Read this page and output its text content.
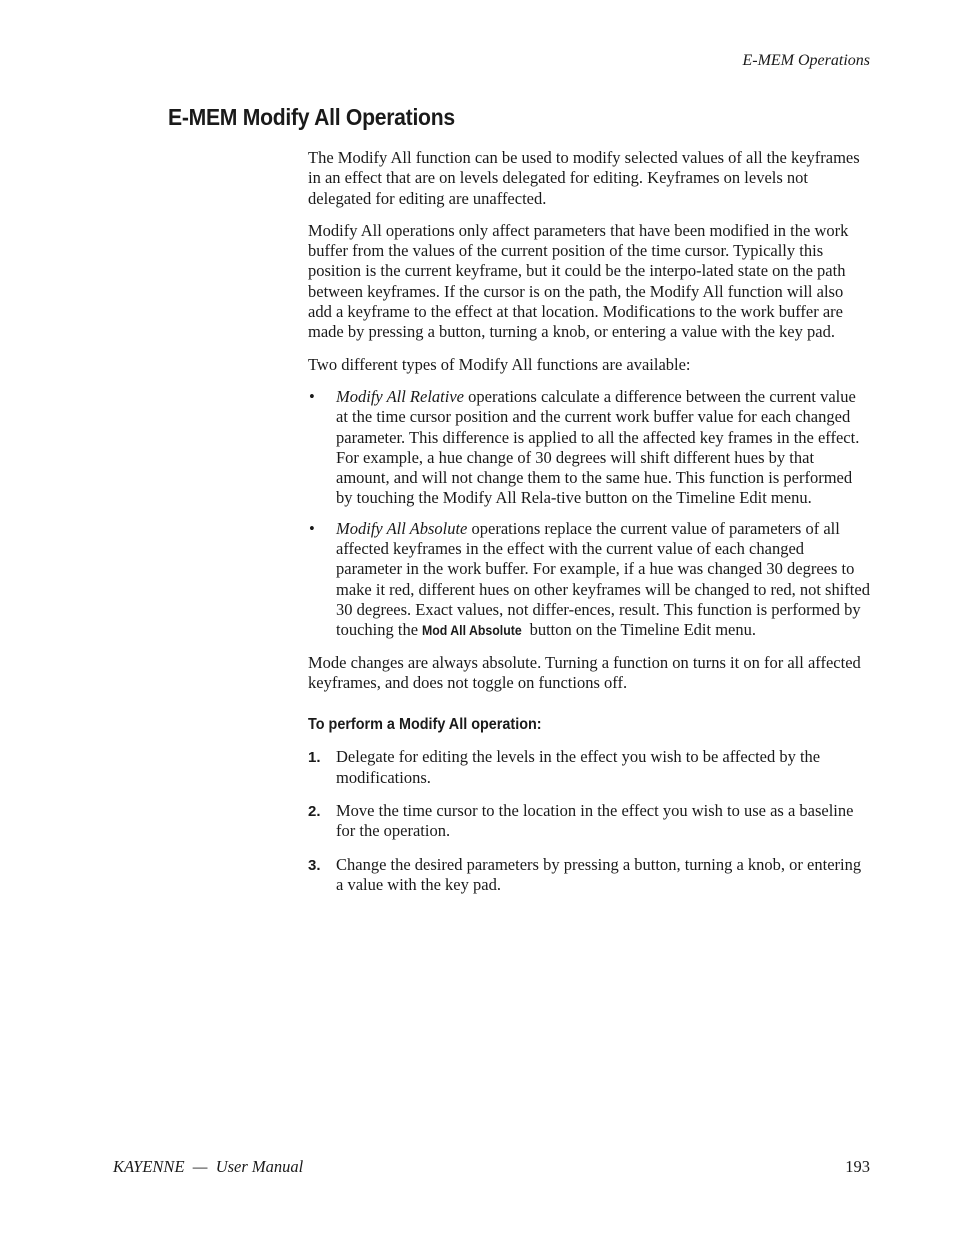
E-MEM Operations
E-MEM Modify All Operations

The Modify All function can be used to modify selected values of all the keyframes in an effect that are on levels delegated for editing. Keyframes on levels not delegated for editing are unaffected.

Modify All operations only affect parameters that have been modified in the work buffer from the values of the current position of the time cursor. Typically this position is the current keyframe, but it could be the interpo-lated state on the path between keyframes. If the cursor is on the path, the Modify All function will also add a keyframe to the effect at that location. Modifications to the work buffer are made by pressing a button, turning a knob, or entering a value with the key pad.

Two different types of Modify All functions are available:

• Modify All Relative operations calculate a difference between the current value at the time cursor position and the current work buffer value for each changed parameter. This difference is applied to all the affected key frames in the effect. For example, a hue change of 30 degrees will shift different hues by that amount, and will not change them to the same hue. This function is performed by touching the Modify All Rela-tive button on the Timeline Edit menu.
• Modify All Absolute operations replace the current value of parameters of all affected keyframes in the effect with the current value of each changed parameter in the work buffer. For example, if a hue was changed 30 degrees to make it red, different hues on other keyframes will be changed to red, not shifted 30 degrees. Exact values, not differ-ences, result. This function is performed by touching the Mod All Absolute button on the Timeline Edit menu.

Mode changes are always absolute. Turning a function on turns it on for all affected keyframes, and does not toggle on functions off.

To perform a Modify All operation:
1. Delegate for editing the levels in the effect you wish to be affected by the modifications.
2. Move the time cursor to the location in the effect you wish to use as a baseline for the operation.
3. Change the desired parameters by pressing a button, turning a knob, or entering a value with the key pad.
KAYENNE  —  User Manual	193
